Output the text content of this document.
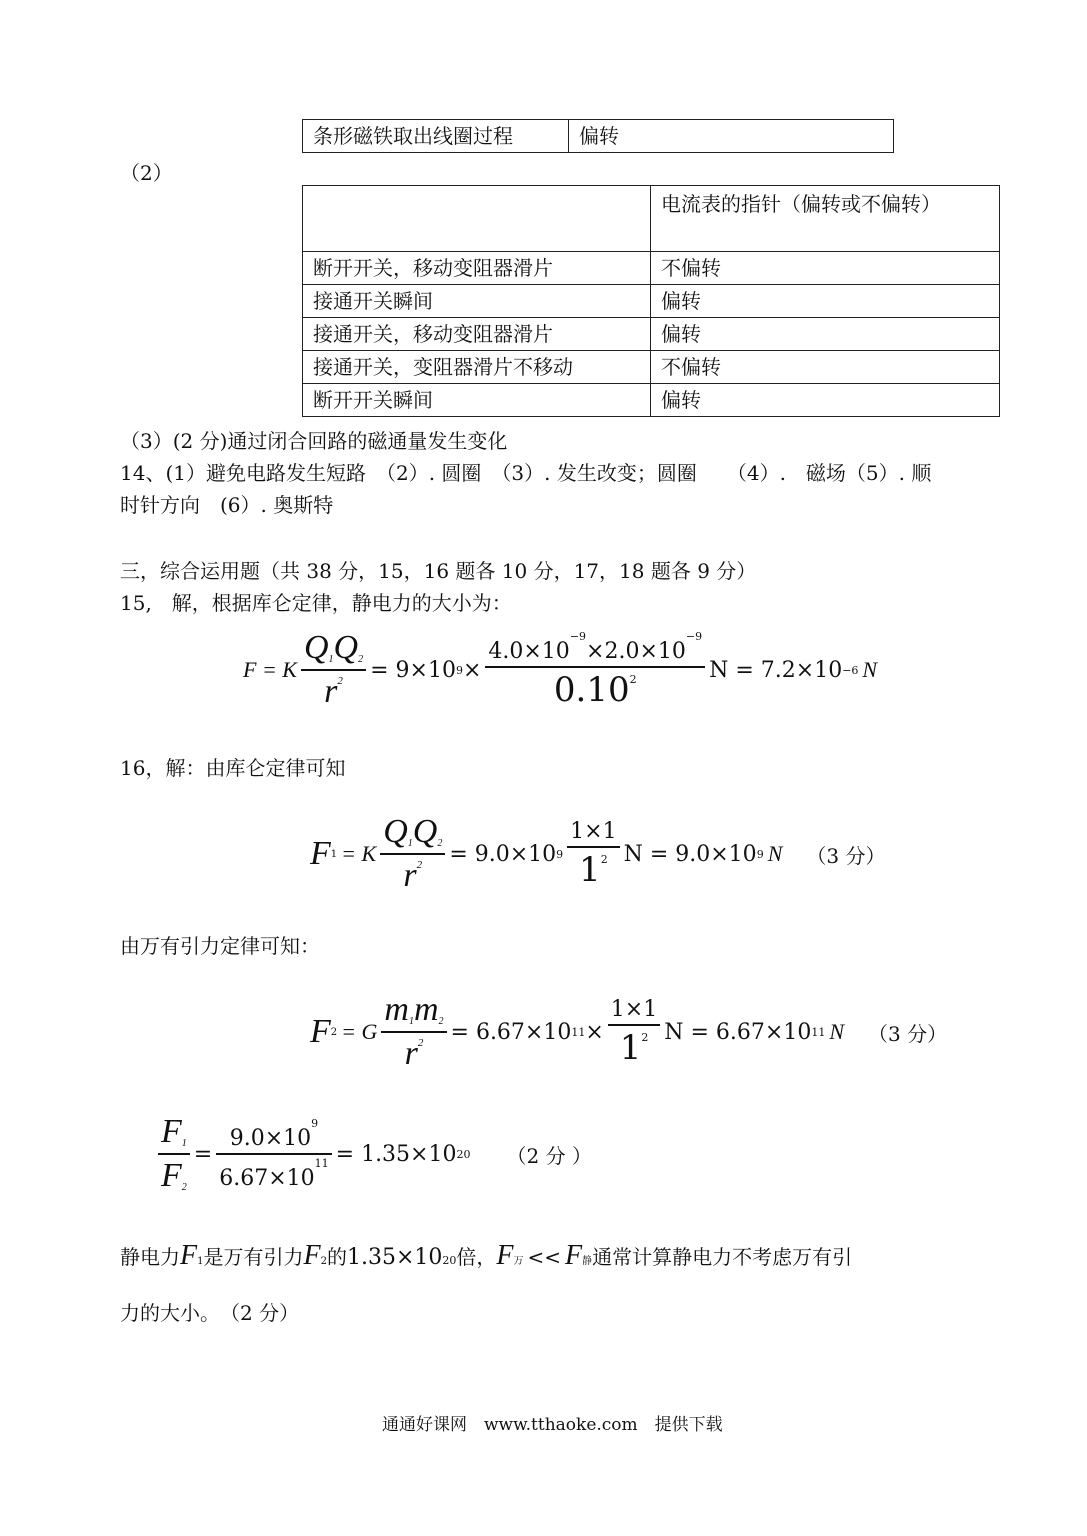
条形磁铁取出线圈过程	偏转
（2）
	电流表的指针（偏转或不偏转）
断开开关，移动变阻器滑片	不偏转
接通开关瞬间	偏转
接通开关，移动变阻器滑片	偏转
接通开关，变阻器滑片不移动	不偏转
断开开关瞬间	偏转
（3）(2 分)通过闭合回路的磁通量发生变化
14、(1）避免电路发生短路　（2）. 圆圈　（3）. 发生改变；圆圈　　（4）.　磁场（5）. 顺
时针方向　(6）. 奥斯特
三，综合运用题（共 38 分，15，16 题各 10 分，17，18 题各 9 分）
15,　解，根据库仑定律，静电力的大小为：
F = K $\frac{Q_1Q_2}{r^2} = 9\times 10$ $9 \times \frac{4.0\times 10^{-9}\times 2.0\times 10^{-9}}{0.10^2}$ N = 7.2×10 −6 N
16，解：由库仑定律可知
F 1 = K $\frac{Q_1Q_2}{r^2} = 9.0\times 10$ $9 \frac{1\times 1}{1^2}$ N = 9.0×10 9 N （3 分）
由万有引力定律可知：
F 2 = G $\frac{m_1m_2}{r^2} = 6.67\times 10$ $11 \times \frac{1\times 1}{1^2}$ N = 6.67×10 11 N （3 分）
$\frac{F_1}{F_2} = \frac{9.0\times 10^9}{6.67\times 10^{11}} = 1.35\times 10$ 20 （2 分 ）
静电力 $F_1$ 是万有引力 $F_2$ 的 1.35×10 20 倍， F 万 << F 静 通常计算静电力不考虑万有引
力的大小。　（2 分）
通通好课网　www.tthaoke.com　提供下载
